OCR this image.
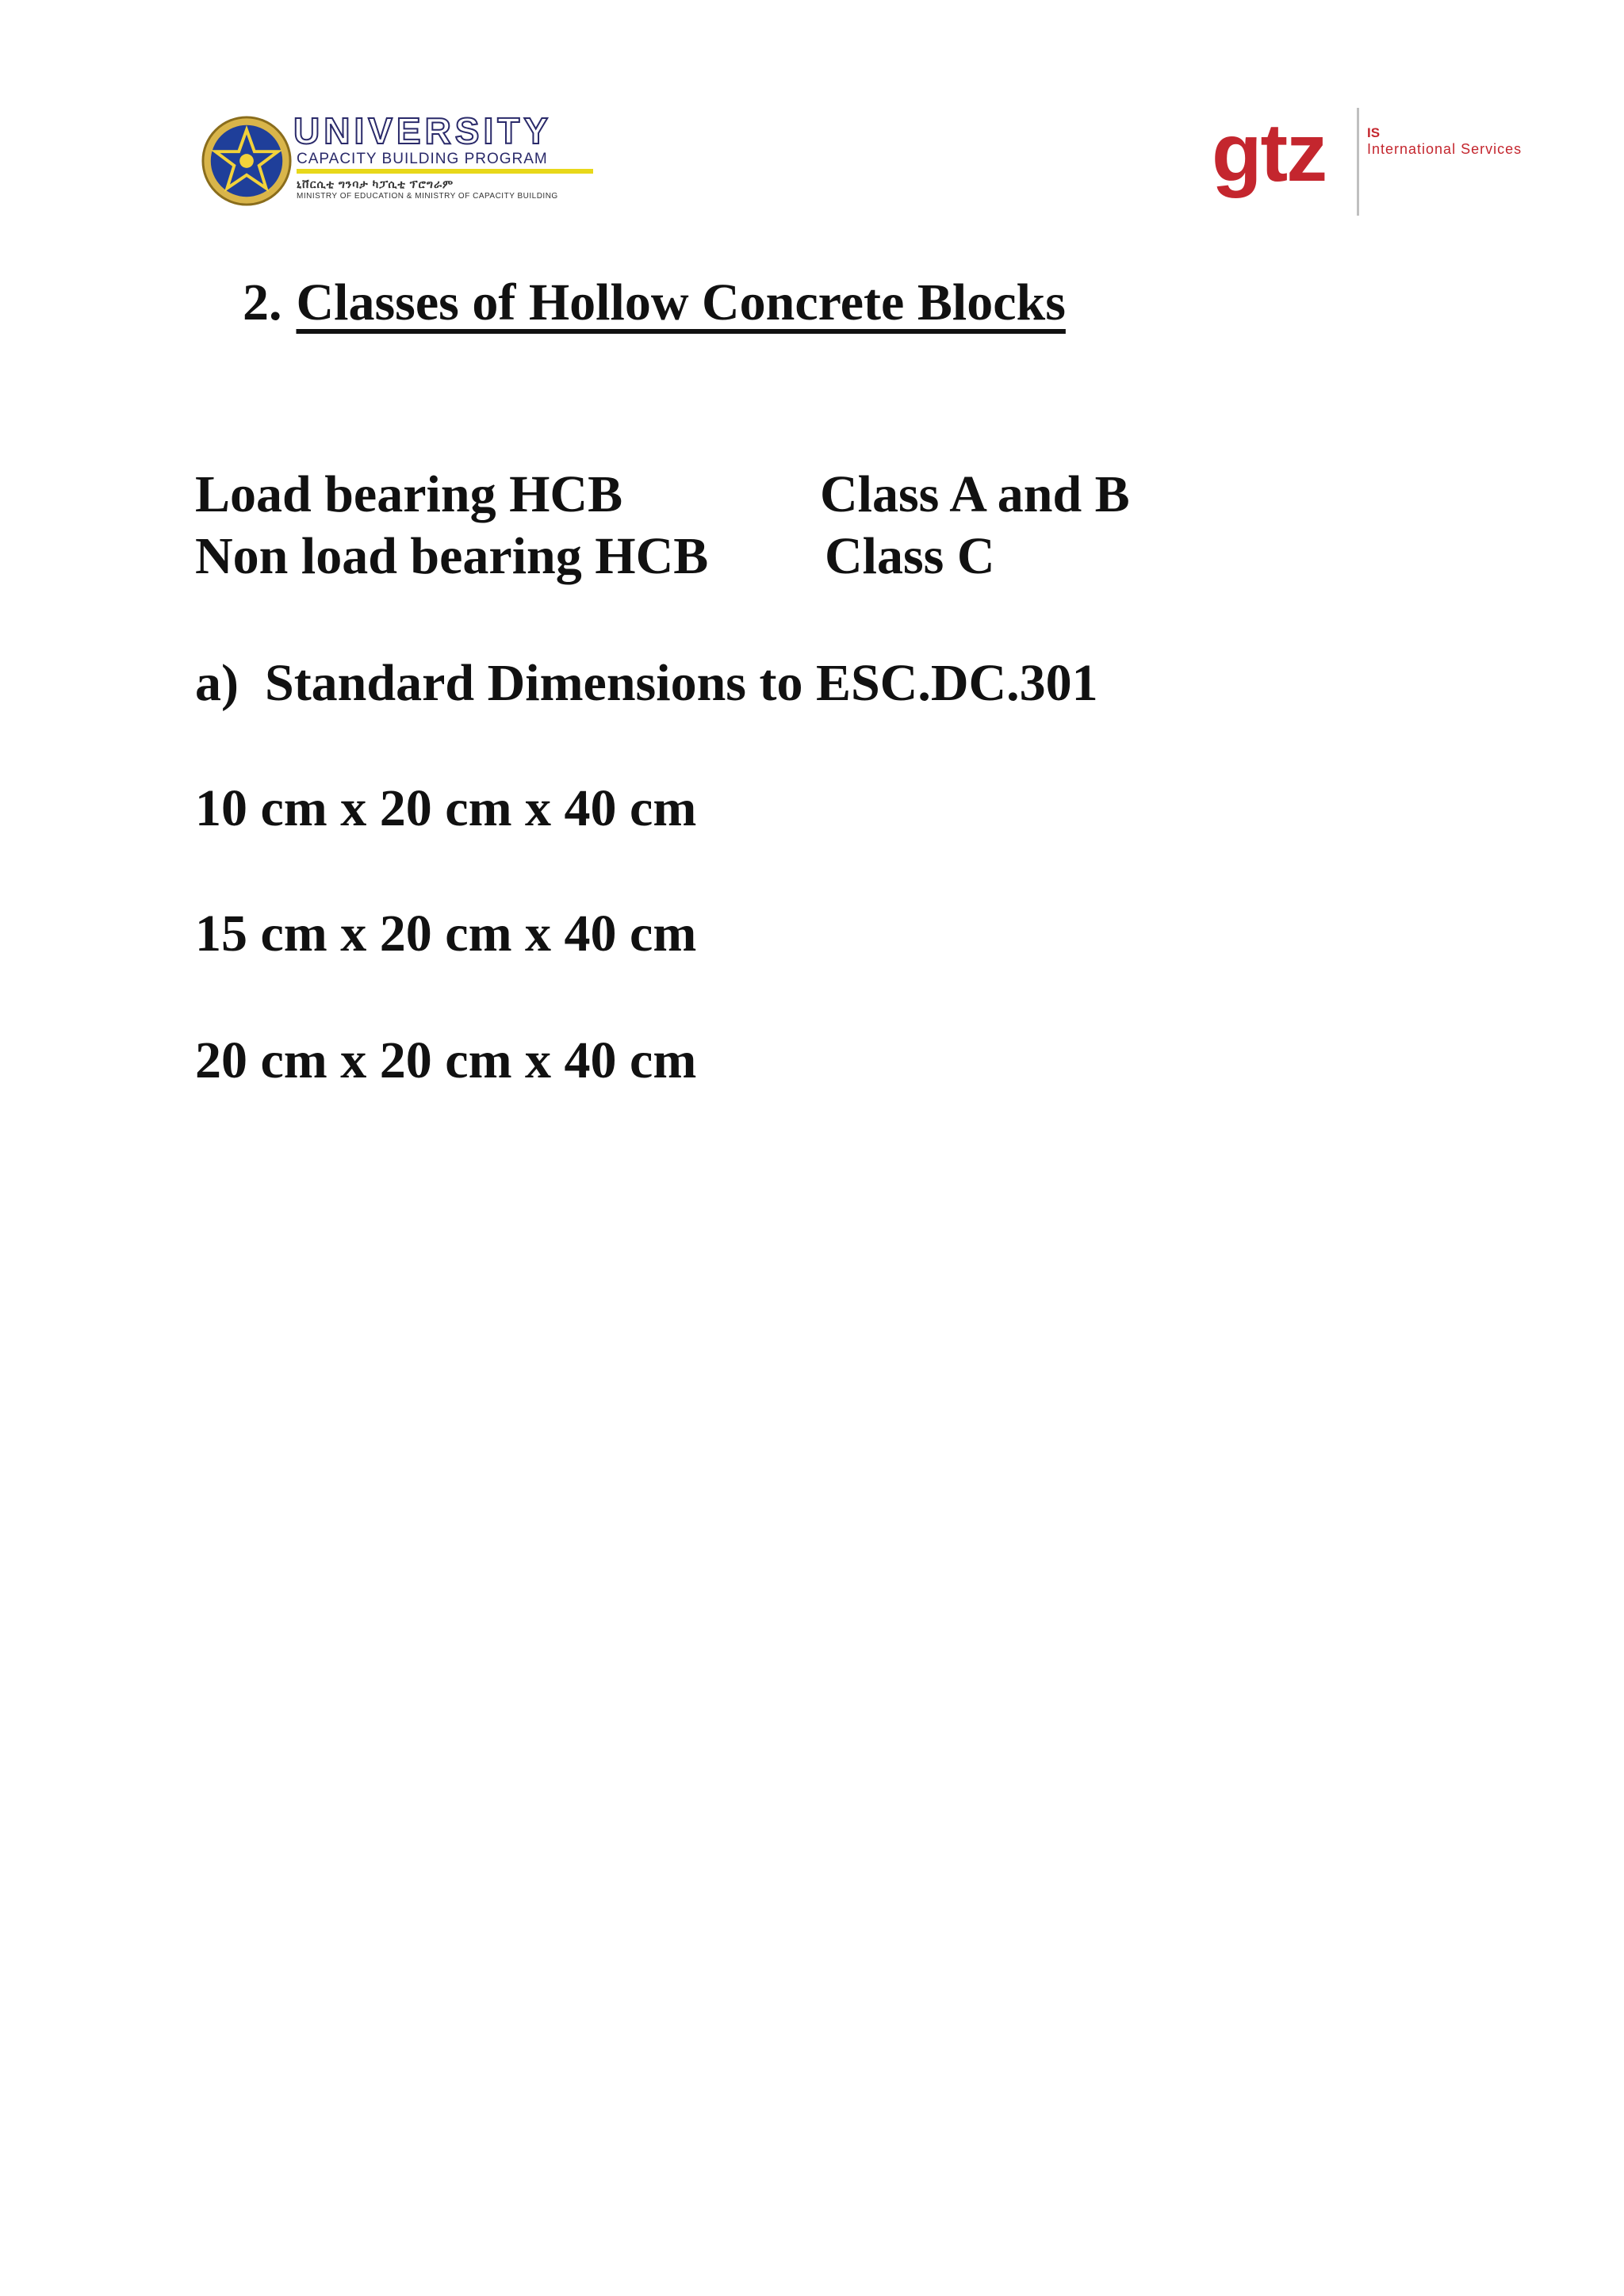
UNIVERSITY
CAPACITY BUILDING PROGRAM
ኒቨርሲቲ ግንባታ ካፓሲቲ ፕሮግራም
MINISTRY OF EDUCATION & MINISTRY OF CAPACITY BUILDING	gtz	IS
International Services
2. Classes of Hollow Concrete Blocks
Load bearing HCB	Class A and B
Non load bearing HCB Class C
a) Standard Dimensions to ESC.DC.301
10 cm x 20 cm x 40 cm
15 cm x 20 cm x 40 cm
20 cm x 20 cm x 40 cm
